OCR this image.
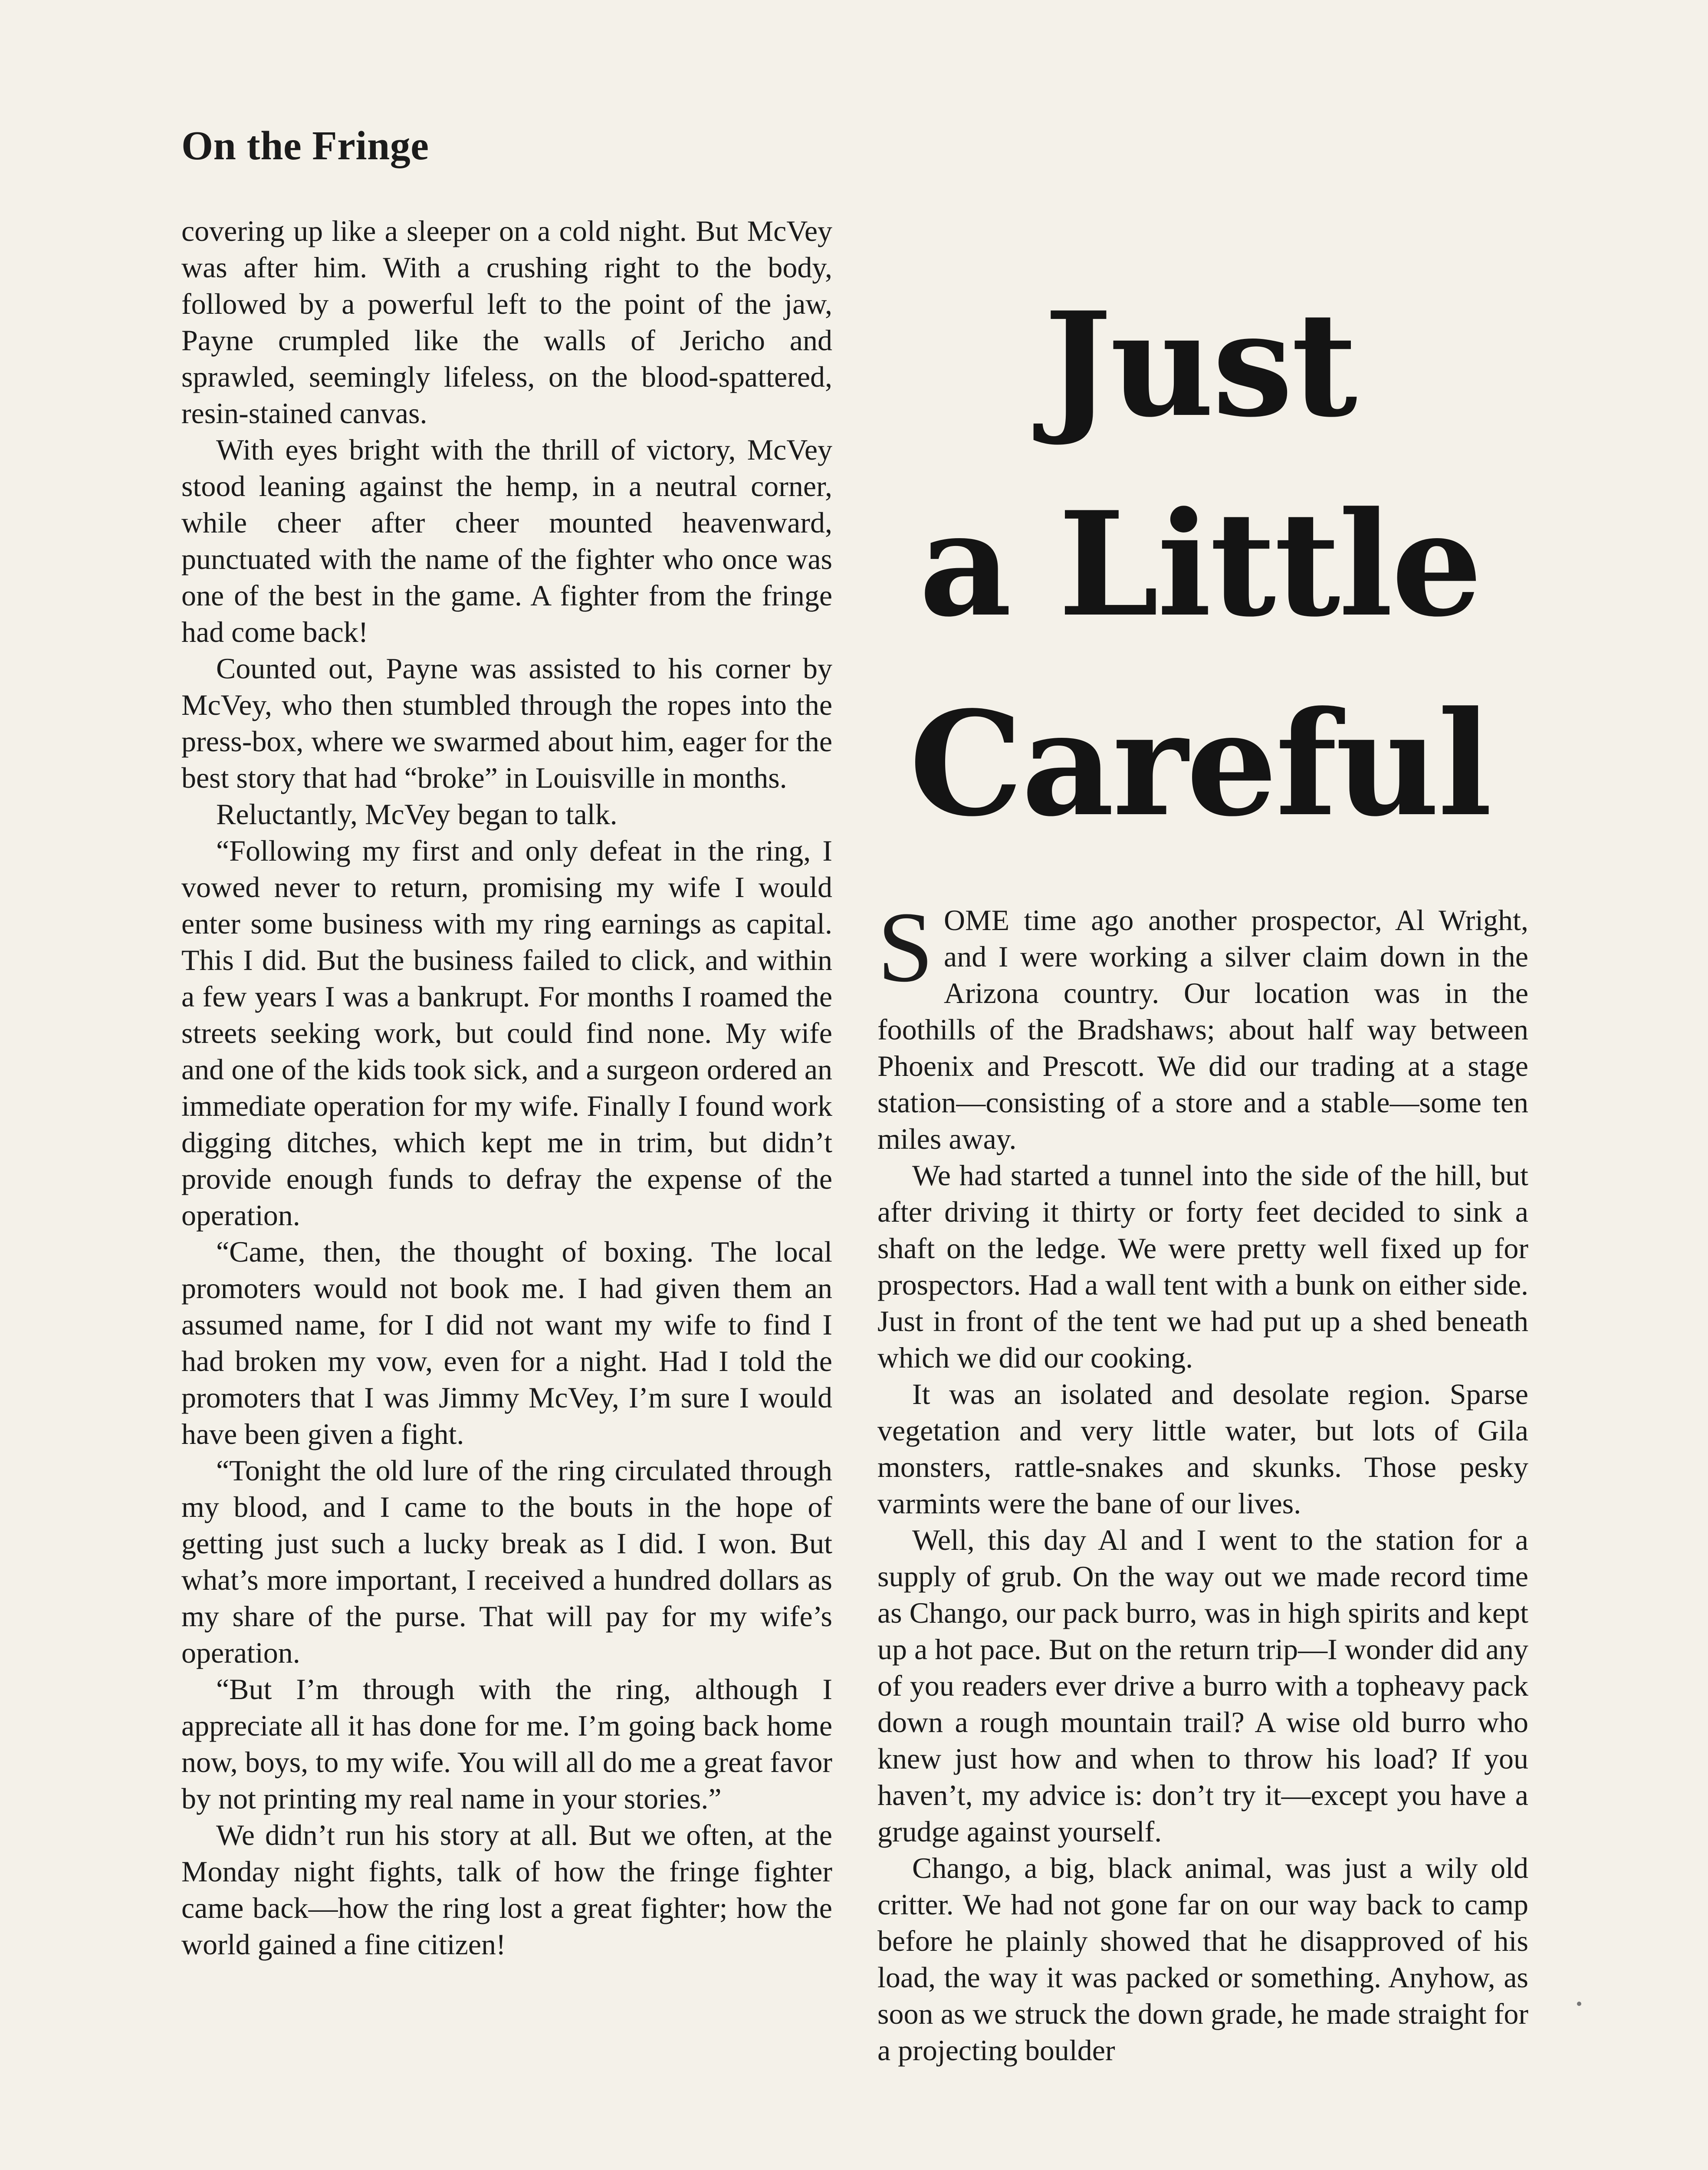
On the Fringe

covering up like a sleeper on a cold night. But McVey was after him. With a crushing right to the body, followed by a powerful left to the point of the jaw, Payne crumpled like the walls of Jericho and sprawled, seemingly lifeless, on the blood-spattered, resin-stained canvas.

With eyes bright with the thrill of victory, McVey stood leaning against the hemp, in a neutral corner, while cheer after cheer mounted heavenward, punctuated with the name of the fighter who once was one of the best in the game. A fighter from the fringe had come back!

Counted out, Payne was assisted to his corner by McVey, who then stumbled through the ropes into the press-box, where we swarmed about him, eager for the best story that had “broke” in Louisville in months.

Reluctantly, McVey began to talk.

“Following my first and only defeat in the ring, I vowed never to return, promising my wife I would enter some business with my ring earnings as capital. This I did. But the business failed to click, and within a few years I was a bankrupt. For months I roamed the streets seeking work, but could find none. My wife and one of the kids took sick, and a surgeon ordered an immediate operation for my wife. Finally I found work digging ditches, which kept me in trim, but didn’t provide enough funds to defray the expense of the operation.

“Came, then, the thought of boxing. The local promoters would not book me. I had given them an assumed name, for I did not want my wife to find I had broken my vow, even for a night. Had I told the promoters that I was Jimmy McVey, I’m sure I would have been given a fight.

“Tonight the old lure of the ring circulated through my blood, and I came to the bouts in the hope of getting just such a lucky break as I did. I won. But what’s more important, I received a hundred dollars as my share of the purse. That will pay for my wife’s operation.

“But I’m through with the ring, although I appreciate all it has done for me. I’m going back home now, boys, to my wife. You will all do me a great favor by not printing my real name in your stories.”

We didn’t run his story at all. But we often, at the Monday night fights, talk of how the fringe fighter came back—how the ring lost a great fighter; how the world gained a fine citizen!

Just
a Little
Careful

SOME time ago another prospector, Al Wright, and I were working a silver claim down in the Arizona country. Our location was in the foothills of the Bradshaws; about half way between Phoenix and Prescott. We did our trading at a stage station—consisting of a store and a stable—some ten miles away.

We had started a tunnel into the side of the hill, but after driving it thirty or forty feet decided to sink a shaft on the ledge. We were pretty well fixed up for prospectors. Had a wall tent with a bunk on either side. Just in front of the tent we had put up a shed beneath which we did our cooking.

It was an isolated and desolate region. Sparse vegetation and very little water, but lots of Gila monsters, rattle-snakes and skunks. Those pesky varmints were the bane of our lives.

Well, this day Al and I went to the station for a supply of grub. On the way out we made record time as Chango, our pack burro, was in high spirits and kept up a hot pace. But on the return trip—I wonder did any of you readers ever drive a burro with a topheavy pack down a rough mountain trail? A wise old burro who knew just how and when to throw his load? If you haven’t, my advice is: don’t try it—except you have a grudge against yourself.

Chango, a big, black animal, was just a wily old critter. We had not gone far on our way back to camp before he plainly showed that he disapproved of his load, the way it was packed or something. Anyhow, as soon as we struck the down grade, he made straight for a projecting boulder
